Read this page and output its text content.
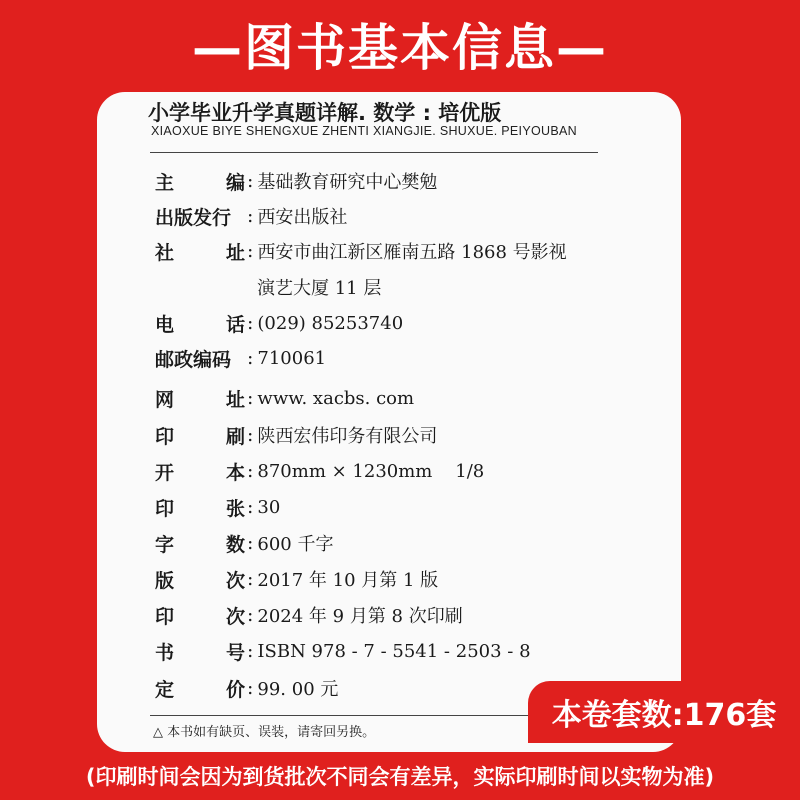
—图书基本信息—
小学毕业升学真题详解. 数学 : 培优版
XIAOXUE BIYE SHENGXUE ZHENTI XIANGJIE. SHUXUE. PEIYOUBAN
主	编 : 基础教育研究中心樊勉
出版发行 : 西安出版社
社	址 : 西安市曲江新区雁南五路 1868 号影视
演艺大厦 11 层
电	话 : (029) 85253740
邮政编码 : 710061
网	址 : www. xacbs. com
印	刷 : 陕西宏伟印务有限公司
开	本 : 870mm × 1230mm    1/8
印	张 : 30
字	数 : 600 千字
版	次 : 2017 年 10 月第 1 版
印	次 : 2024 年 9 月第 8 次印刷
书	号 : ISBN 978 - 7 - 5541 - 2503 - 8
定	价 : 99. 00 元
△ 本书如有缺页、误装，请寄回另换。	本卷套数:176套
(印刷时间会因为到货批次不同会有差异，实际印刷时间以实物为准)
